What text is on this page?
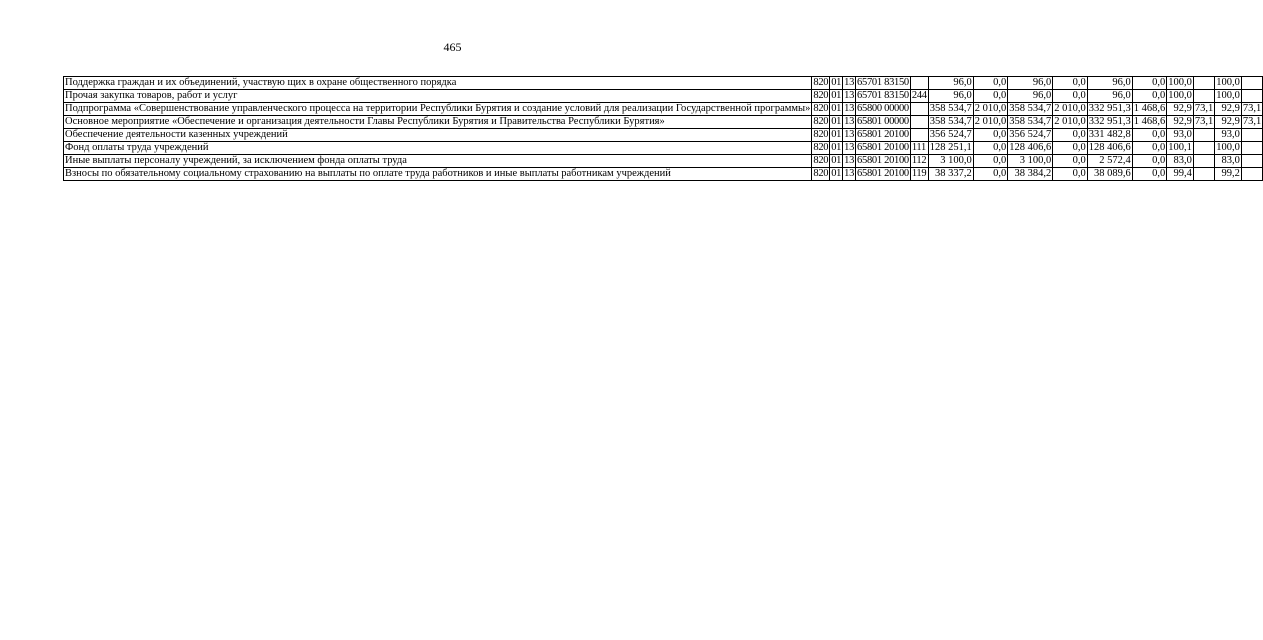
465
Поддержка граждан и их объединений, участвую щих в охране общественного порядка	820	01	13	65701 83150		96,0	0,0	96,0	0,0	96,0	0,0	100,0		100,0	
Прочая закупка товаров, работ и услуг	820	01	13	65701 83150	244	96,0	0,0	96,0	0,0	96,0	0,0	100,0		100,0	
Подпрограмма «Совершенствование управленческого процесса на территории Республики Бурятия и создание условий для реализации Государственной программы»	820	01	13	65800 00000		358 534,7	2 010,0	358 534,7	2 010,0	332 951,3	1 468,6	92,9	73,1	92,9	73,1
Основное мероприятие «Обеспечение и организация деятельности Главы Республики Бурятия и Правительства Республики Бурятия»	820	01	13	65801 00000		358 534,7	2 010,0	358 534,7	2 010,0	332 951,3	1 468,6	92,9	73,1	92,9	73,1
Обеспечение деятельности казенных учреждений	820	01	13	65801 20100		356 524,7	0,0	356 524,7	0,0	331 482,8	0,0	93,0		93,0	
Фонд оплаты труда учреждений	820	01	13	65801 20100	111	128 251,1	0,0	128 406,6	0,0	128 406,6	0,0	100,1		100,0	
Иные выплаты персоналу учреждений, за исключением фонда оплаты труда	820	01	13	65801 20100	112	3 100,0	0,0	3 100,0	0,0	2 572,4	0,0	83,0		83,0	
Взносы по обязательному социальному страхованию на выплаты по оплате труда работников и иные выплаты работникам учреждений	820	01	13	65801 20100	119	38 337,2	0,0	38 384,2	0,0	38 089,6	0,0	99,4		99,2	
